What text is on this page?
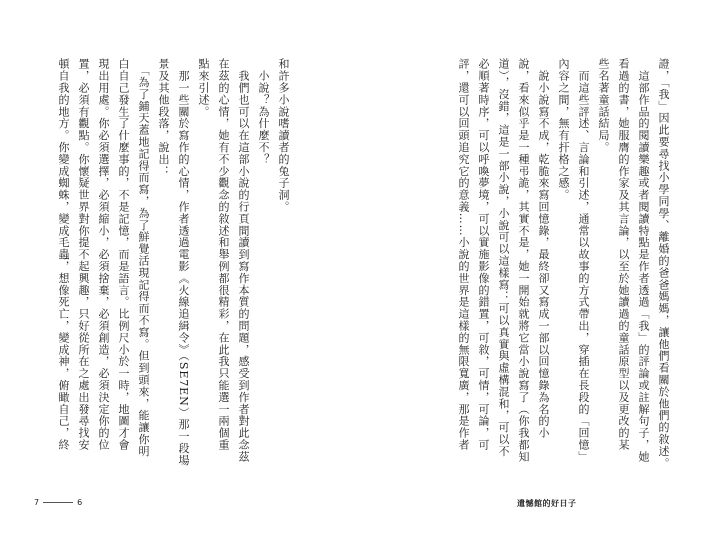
證，「我」因此要尋找小學同學、離婚的爸爸媽媽，讓他們看關於他們的敘述。
　這部作品的閱讀樂趣或者閱讀特點是作者透過「我」的評論或註解句子，她
看過的書，她服膺的作家及其言論，以至於她讀過的童話原型以及更改的某
些名著童話結局。
　而這些評述、言論和引述，通常以故事的方式帶出，穿插在長段的「回憶」
內容之間，無有扞格之感。
　說小說寫不成，乾脆來寫回憶錄，最終卻又寫成一部以回憶錄為名的小
說，看來似乎是一種弔詭，其實不是，她一開始就將它當小說寫了（你我都知
道），沒錯，這是一部小說，小說可以這樣寫：可以真實與虛構混和，可以不
必順著時序，可以呼喚夢境，可以實施影像的錯置，可敘，可情，可論，可
評，還可以回頭追究它的意義……小說的世界是這樣的無限寬廣，那是作者
和許多小說嗜讀者的兔子洞。
　小說？為什麼不？
　我們也可以在這部小說的行頁間讀到寫作本質的問題，感受到作者對此念茲
在茲的心情，她有不少觀念的敘述和舉例都很精彩，在此我只能選一兩個重
點來引述。
　那一些關於寫作的心情，作者透過電影《火線追緝令》（SE7EN）那一段場
景及其他段落，說出：
　「為了鋪天蓋地記得而寫，為了鮮覺活現記得而不寫。但到頭來，能讓你明
白自己發生了什麼事的，不是記憶，而是語言。比例尺小於一時，地圖才會
現出用處。你必須選擇，必須縮小，必須捨棄，必須創造，必須決定你的位
置，必須有觀點。你懷疑世界對你提不起興趣，只好從所在之處出發尋找安
頓自我的地方。你變成蜘蛛，變成毛蟲，想像死亡，變成神，俯瞰自己，終
7	6	遺憾館的好日子
